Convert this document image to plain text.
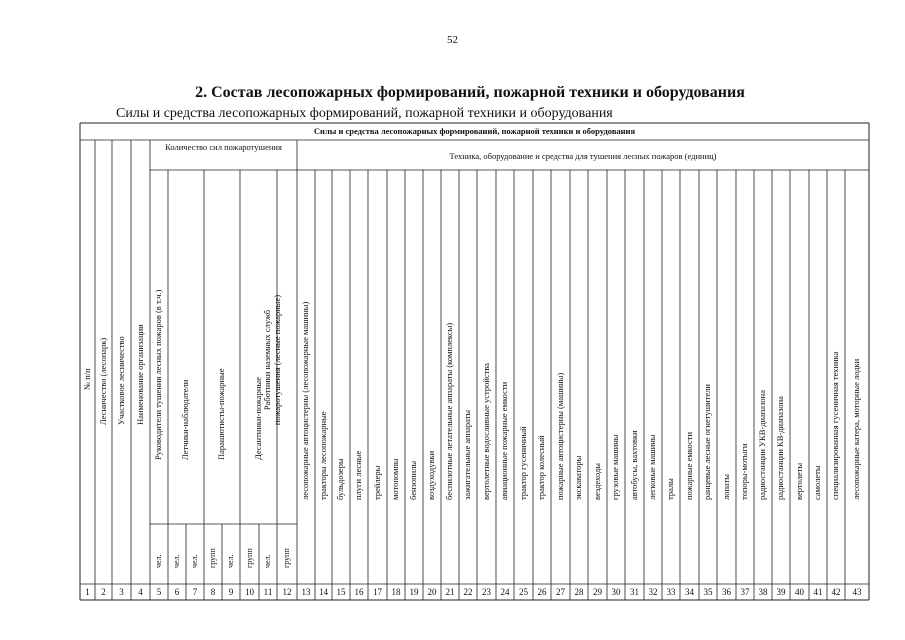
52
2. Состав лесопожарных формирований, пожарной техники и оборудования
Силы и средства лесопожарных формирований, пожарной техники и оборудования
Силы и средства лесопожарных формирований, пожарной техники и оборудования
Количество сил пожаротушения
Техника, оборудование и средства для тушения лесных пожаров (единиц)
№ п/п Лесничество (лесопарк) Участковое лесничество Наименование организации Руководители тушения лесных пожаров (в т.ч.) Летчики-наблюдатели	Парашютисты-пожарные	Десантники-пожарные
Работники наземных служб пожаротушения (лесные пожарные)
чел. чел. чел. групп чел. групп чел. групп
лесопожарные автоцистерны (лесопожарные машины) тракторы лесопожарные бульдозеры плуги лесные трейлеры мотопомпы бензопилы воздуходувки беспилотные летательные аппараты (комплексы) зажигательные аппараты вертолетные водосливные устройства авиационные пожарные емкости трактор гусеничный трактор колесный пожарные автоцистерны (машины) экскаваторы вездеходы грузовые машины автобусы, вахтовки легковые машины тралы пожарные емкости ранцевые лесные огнетушители лопаты топоры-мотыги радиостанции УКВ-диапазона радиостанции КВ-диапазона вертолеты самолеты специализированная гусеничная техника лесопожарные катера, моторные лодки
1 2 3 4 5 6 7 8 9 10 11 12 13 14 15 16 17 18 19 20 21 22 23 24 25 26 27 28 29 30 31 32 33 34 35 36 37 38 39 40 41 42 43
